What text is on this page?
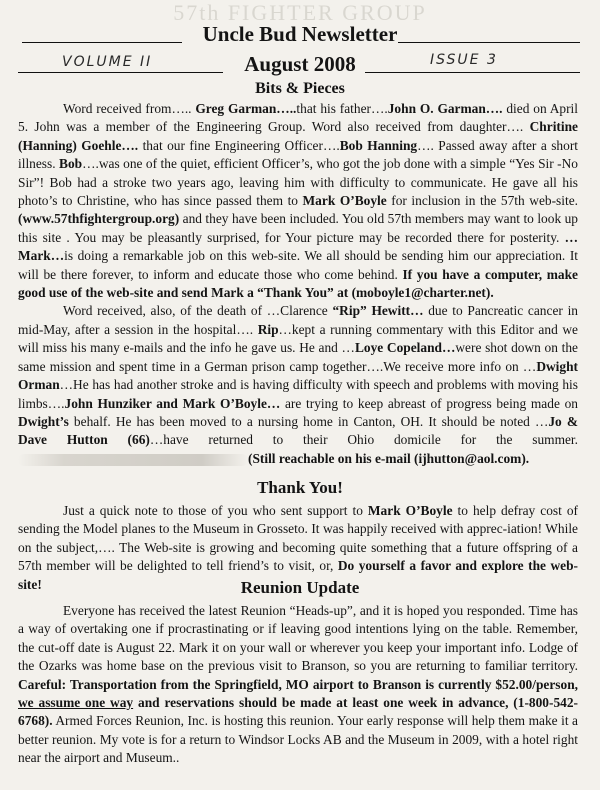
57th FIGHTER GROUP
Uncle Bud Newsletter
VOLUME II	August 2008	ISSUE 3
Bits & Pieces

Word received from….. Greg Garman…..that his father….John O. Garman…. died on April 5. John was a member of the Engineering Group. Word also received from daughter…. Chritine (Hanning) Goehle…. that our fine Engineering Officer….Bob Hanning…. Passed away after a short illness. Bob….was one of the quiet, efficient Officer’s, who got the job done with a simple “Yes Sir -No Sir”! Bob had a stroke two years ago, leaving him with difficulty to communicate. He gave all his photo’s to Christine, who has since passed them to Mark O’Boyle for inclusion in the 57th web-site. (www.57thfightergroup.org) and they have been included. You old 57th members may want to look up this site . You may be pleasantly surprised, for Your picture may be recorded there for posterity. …Mark…is doing a remarkable job on this web-site. We all should be sending him our appreciation. It will be there forever, to inform and educate those who come behind. If you have a computer, make good use of the web-site and send Mark a “Thank You” at (moboyle1@charter.net).

Word received, also, of the death of …Clarence “Rip” Hewitt… due to Pancreatic cancer in mid-May, after a session in the hospital…. Rip…kept a running commentary with this Editor and we will miss his many e-mails and the info he gave us. He and …Loye Copeland…were shot down on the same mission and spent time in a German prison camp together….We receive more info on …Dwight Orman…He has had another stroke and is having difficulty with speech and problems with moving his limbs….John Hunziker and Mark O’Boyle… are trying to keep abreast of progress being made on Dwight’s behalf. He has been moved to a nursing home in Canton, OH. It should be noted …Jo & Dave Hutton (66)…have returned to their Ohio domicile for the summer.(Still reachable on his e-mail (ijhutton@aol.com).

Thank You!

Just a quick note to those of you who sent support to Mark O’Boyle to help defray cost of sending the Model planes to the Museum in Grosseto. It was happily received with apprec-iation! While on the subject,…. The Web-site is growing and becoming quite something that a future offspring of a 57th member will be delighted to tell friend’s to visit, or, Do yourself a favor and explore the web-site!	Reunion Update

Everyone has received the latest Reunion “Heads-up”, and it is hoped you responded. Time has a way of overtaking one if procrastinating or if leaving good intentions lying on the table. Remember, the cut-off date is August 22. Mark it on your wall or wherever you keep your important info. Lodge of the Ozarks was home base on the previous visit to Branson, so you are returning to familiar territory. Careful: Transportation from the Springfield, MO airport to Branson is currently $52.00/person, we assume one way and reservations should be made at least one week in advance, (1-800-542-6768). Armed Forces Reunion, Inc. is hosting this reunion. Your early response will help them make it a better reunion. My vote is for a return to Windsor Locks AB and the Museum in 2009, with a hotel right near the airport and Museum..
